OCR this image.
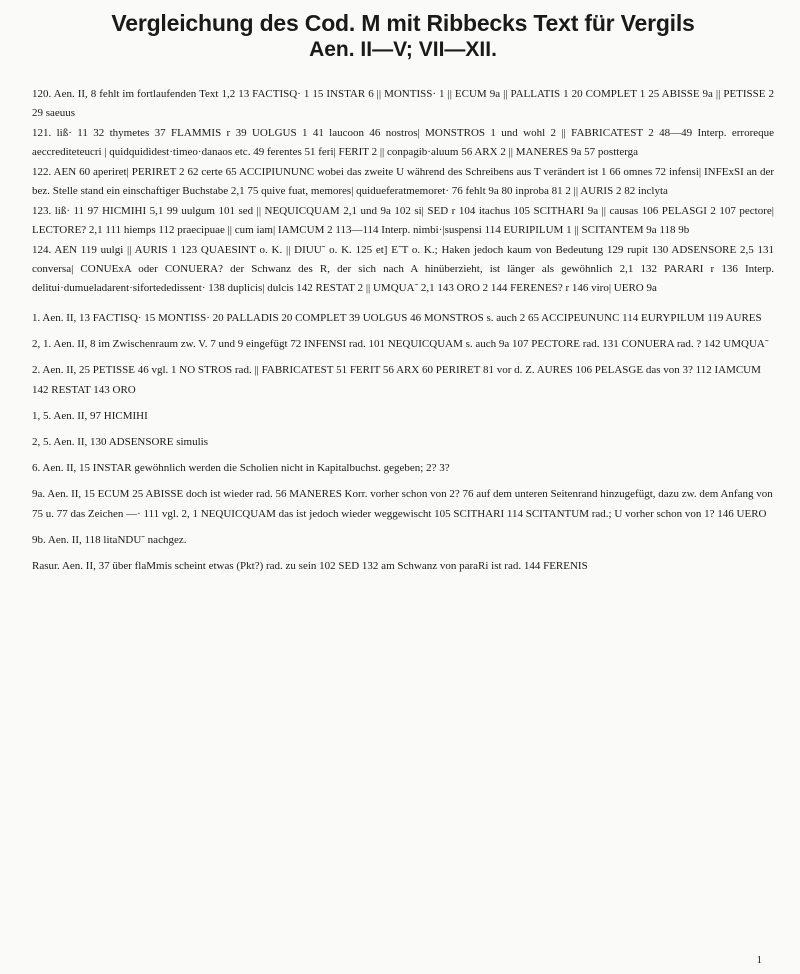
Vergleichung des Cod. M mit Ribbecks Text für Vergils
Aen. II—V; VII—XII.

120. Aen. II, 8 fehlt im fortlaufenden Text 1,2 13 FACTISQ· 1 15 INSTAR 6 || MONTISS· 1 || ECUM 9a || PALLATIS 1 20 COMPLET 1 25 ABISSE 9a || PETISSE 2 29 saeuus

121. liß· 11 32 thymetes 37 FLAMMIS r 39 UOLGUS 1 41 laucoon 46 nostros| MONSTROS 1 und wohl 2 || FABRICATEST 2 48—49 Interp. erroreque aeccrediteteucri | quidquididest·timeo·danaos etc. 49 ferentes 51 feri| FERIT 2 || conpagib·aluum 56 ARX 2 || MANERES 9a 57 postterga

122. AEN 60 aperiret| PERIRET 2 62 certe 65 ACCIPIUNUNC wobei das zweite U während des Schreibens aus T verändert ist 1 66 omnes 72 infensi| INFExSI an der bez. Stelle stand ein einschaftiger Buchstabe 2,1 75 quive fuat, memores| quidueferatmemoret· 76 fehlt 9a 80 inproba 81 2 || AURIS 2 82 inclyta

123. liß· 11 97 HICMIHI 5,1 99 uulgum 101 sed || NEQUICQUAM 2,1 und 9a 102 si| SED r 104 itachus 105 SCITHARI 9a || causas 106 PELASGI 2 107 pectore| LECTORE? 2,1 111 hiemps 112 praecipuae || cum iam| IAMCUM 2 113—114 Interp. nimbi·|suspensi 114 EURIPILUM 1 || SCITANTEM 9a 118 9b

124. AEN 119 uulgi || AURIS 1 123 QUAESINT o. K. || DIUU˜ o. K. 125 et] E˜T o. K.; Haken jedoch kaum von Bedeutung 129 rupit 130 ADSENSORE 2,5 131 conversa| CONUExA oder CONUERA? der Schwanz des R, der sich nach A hinüberzieht, ist länger als gewöhnlich 2,1 132 PARARI r 136 Interp. delitui·dumueladarent·sifortededissent· 138 duplicis| dulcis 142 RESTAT 2 || UMQUA˜ 2,1 143 ORO 2 144 FERENES? r 146 viro| UERO 9a

1. Aen. II, 13 FACTISQ· 15 MONTISS· 20 PALLADIS 20 COMPLET 39 UOLGUS 46 MONSTROS s. auch 2 65 ACCIPEUNUNC 114 EURYPILUM 119 AURES

2, 1. Aen. II, 8 im Zwischenraum zw. V. 7 und 9 eingefügt 72 INFENSI rad. 101 NEQUICQUAM s. auch 9a 107 PECTORE rad. 131 CONUERA rad. ? 142 UMQUA˜

2. Aen. II, 25 PETISSE 46 vgl. 1 NO STROS rad. || FABRICATEST 51 FERIT 56 ARX 60 PERIRET 81 vor d. Z. AURES 106 PELASGE das von 3? 112 IAMCUM 142 RESTAT 143 ORO

1, 5. Aen. II, 97 HICMIHI

2, 5. Aen. II, 130 ADSENSORE simulis

6. Aen. II, 15 INSTAR gewöhnlich werden die Scholien nicht in Kapitalbuchst. gegeben; 2? 3?

9a. Aen. II, 15 ECUM 25 ABISSE doch ist wieder rad. 56 MANERES Korr. vorher schon von 2? 76 auf dem unteren Seitenrand hinzugefügt, dazu zw. dem Anfang von 75 u. 77 das Zeichen —· 111 vgl. 2, 1 NEQUICQUAM das ist jedoch wieder weggewischt 105 SCITHARI 114 SCITANTUM rad.; U vorher schon von 1? 146 UERO

9b. Aen. II, 118 litaNDU˜ nachgez.

Rasur. Aen. II, 37 über flaMmis scheint etwas (Pkt?) rad. zu sein 102 SED 132 am Schwanz von paraRi ist rad. 144 FERENIS

1
